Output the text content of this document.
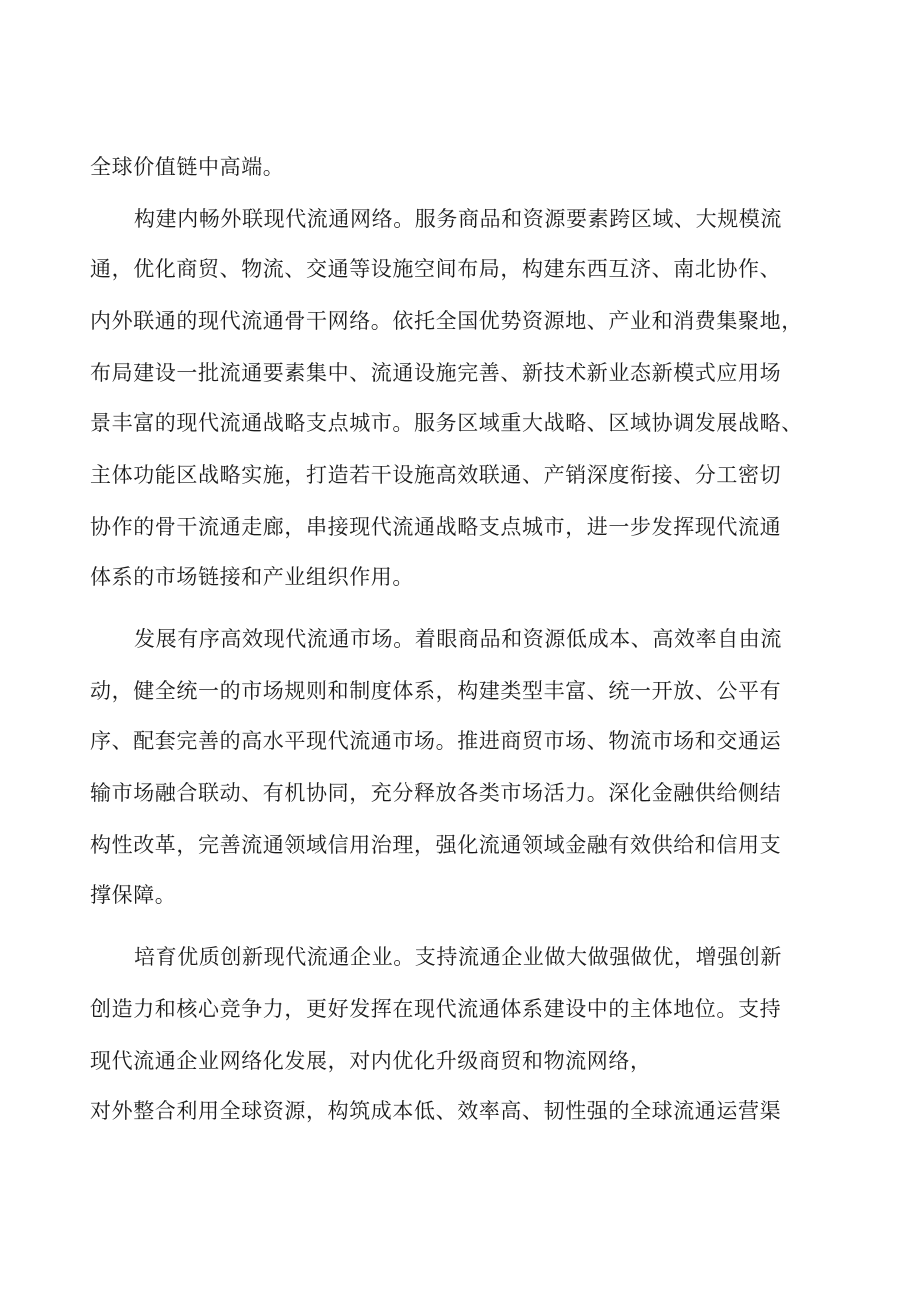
全球价值链中高端。

构建内畅外联现代流通网络。服务商品和资源要素跨区域、大规模流

通，优化商贸、物流、交通等设施空间布局，构建东西互济、南北协作、

内外联通的现代流通骨干网络。依托全国优势资源地、产业和消费集聚地，

布局建设一批流通要素集中、流通设施完善、新技术新业态新模式应用场

景丰富的现代流通战略支点城市。服务区域重大战略、区域协调发展战略、

主体功能区战略实施，打造若干设施高效联通、产销深度衔接、分工密切

协作的骨干流通走廊，串接现代流通战略支点城市，进一步发挥现代流通

体系的市场链接和产业组织作用。

发展有序高效现代流通市场。着眼商品和资源低成本、高效率自由流

动，健全统一的市场规则和制度体系，构建类型丰富、统一开放、公平有

序、配套完善的高水平现代流通市场。推进商贸市场、物流市场和交通运

输市场融合联动、有机协同，充分释放各类市场活力。深化金融供给侧结

构性改革，完善流通领域信用治理，强化流通领域金融有效供给和信用支

撑保障。

培育优质创新现代流通企业。支持流通企业做大做强做优，增强创新

创造力和核心竞争力，更好发挥在现代流通体系建设中的主体地位。支持

现代流通企业网络化发展，对内优化升级商贸和物流网络，

对外整合利用全球资源，构筑成本低、效率高、韧性强的全球流通运营渠
